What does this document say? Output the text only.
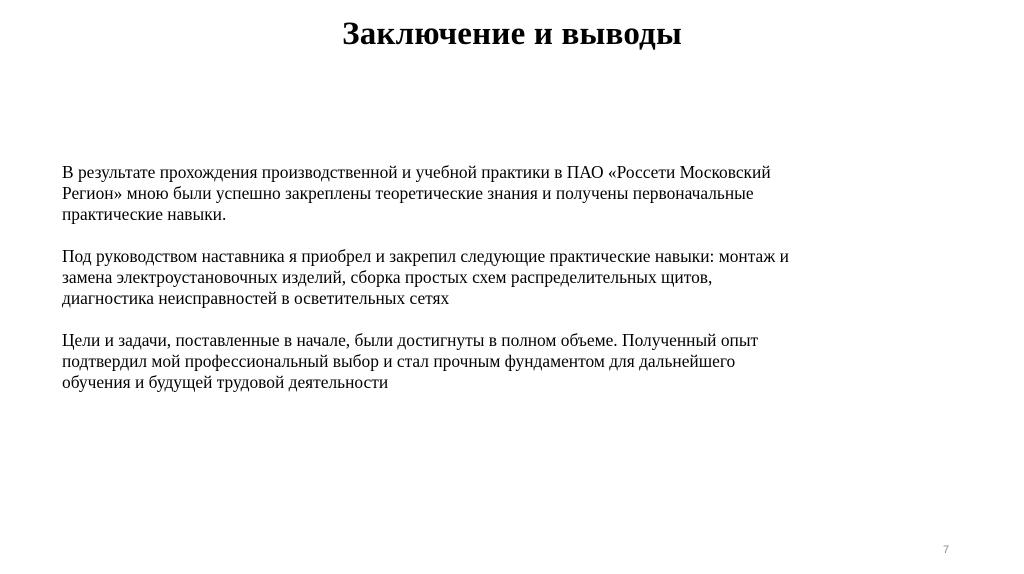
Заключение и выводы

В результате прохождения производственной и учебной практики в ПАО «Россети Московский
Регион» мною были успешно закреплены теоретические знания и получены первоначальные
практические навыки.

Под руководством наставника я приобрел и закрепил следующие практические навыки: монтаж и
замена электроустановочных изделий, сборка простых схем распределительных щитов,
диагностика неисправностей в осветительных сетях

Цели и задачи, поставленные в начале, были достигнуты в полном объеме. Полученный опыт
подтвердил мой профессиональный выбор и стал прочным фундаментом для дальнейшего
обучения и будущей трудовой деятельности

7
